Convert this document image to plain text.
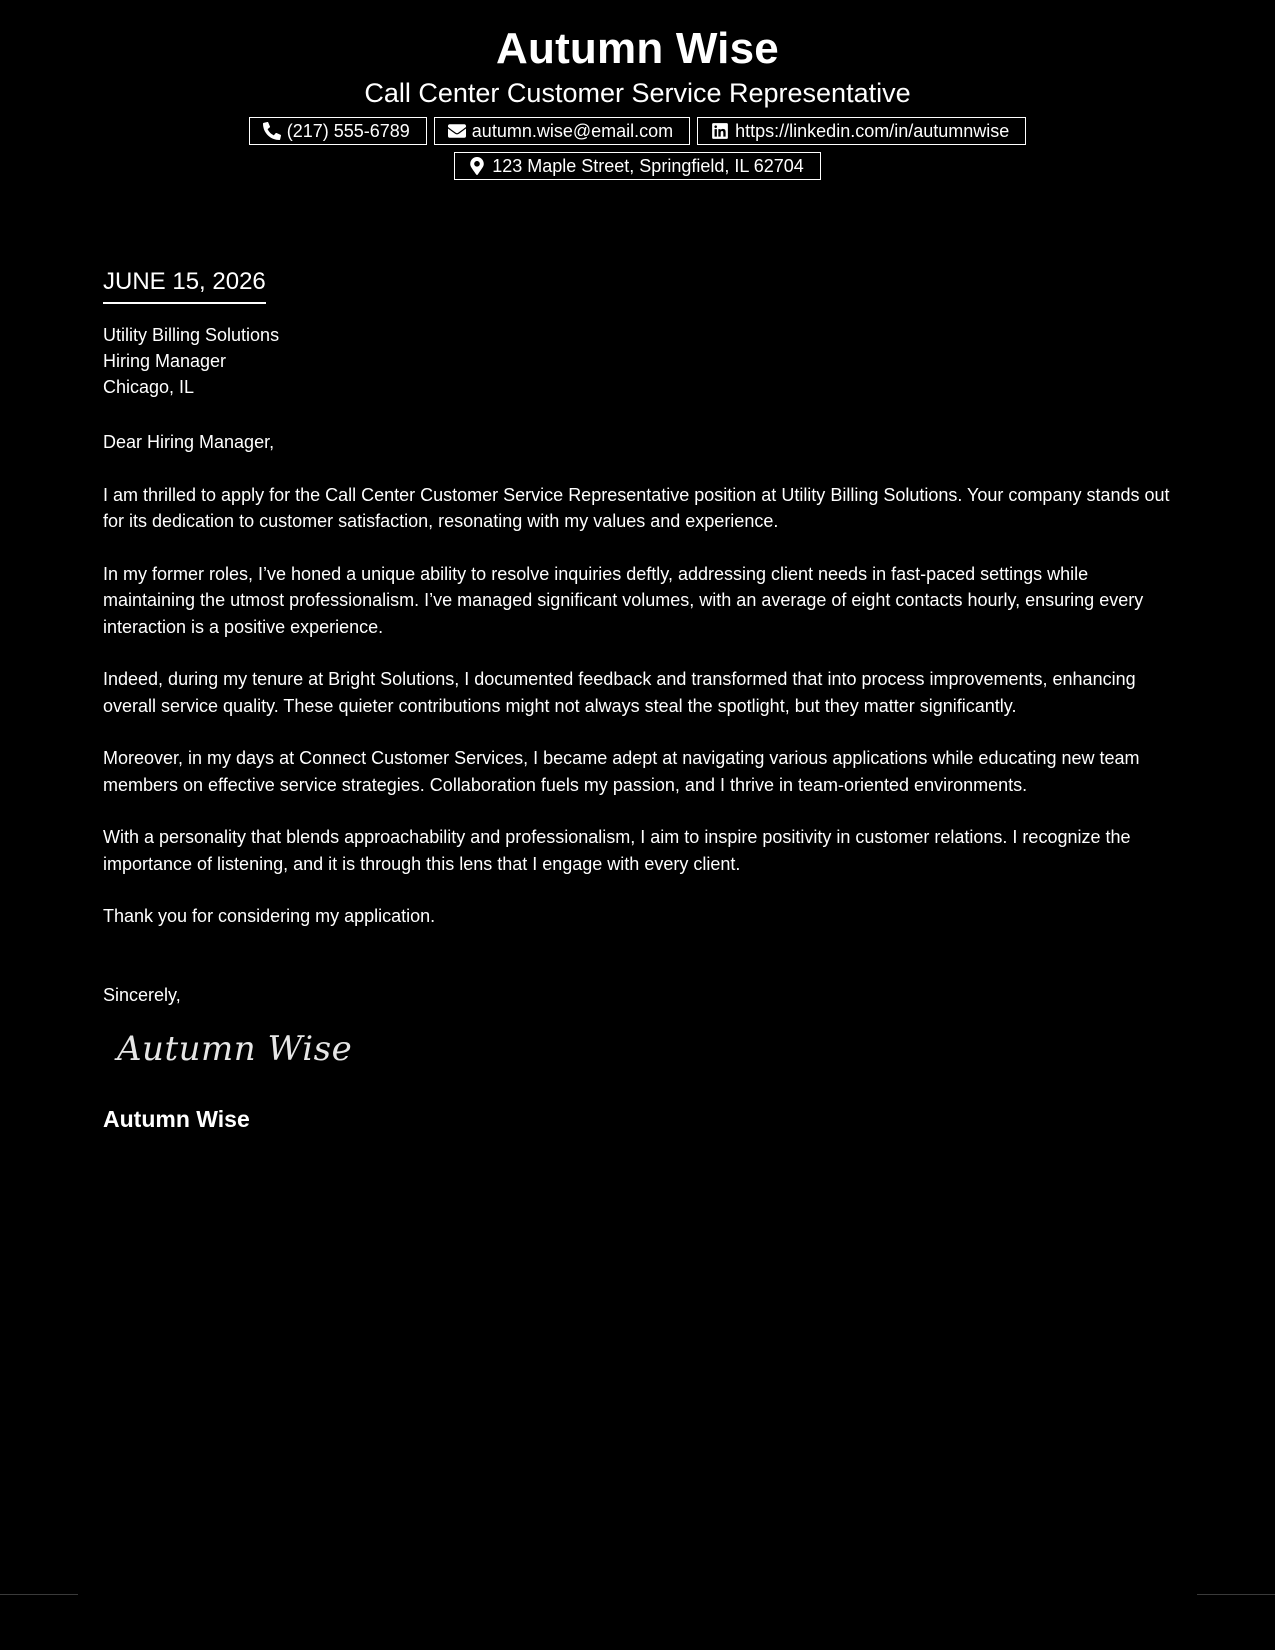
Autumn Wise
Call Center Customer Service Representative
(217) 555-6789	autumn.wise@email.com	https://linkedin.com/in/autumnwise
123 Maple Street, Springfield, IL 62704
JUNE 15, 2026
Utility Billing Solutions
Hiring Manager
Chicago, IL
Dear Hiring Manager,

I am thrilled to apply for the Call Center Customer Service Representative position at Utility Billing Solutions. Your company stands out for its dedication to customer satisfaction, resonating with my values and experience.

In my former roles, I’ve honed a unique ability to resolve inquiries deftly, addressing client needs in fast-paced settings while maintaining the utmost professionalism. I’ve managed significant volumes, with an average of eight contacts hourly, ensuring every interaction is a positive experience.

Indeed, during my tenure at Bright Solutions, I documented feedback and transformed that into process improvements, enhancing overall service quality. These quieter contributions might not always steal the spotlight, but they matter significantly.

Moreover, in my days at Connect Customer Services, I became adept at navigating various applications while educating new team members on effective service strategies. Collaboration fuels my passion, and I thrive in team-oriented environments.

With a personality that blends approachability and professionalism, I aim to inspire positivity in customer relations. I recognize the importance of listening, and it is through this lens that I engage with every client.

Thank you for considering my application.

Sincerely,
Autumn Wise
Autumn Wise
